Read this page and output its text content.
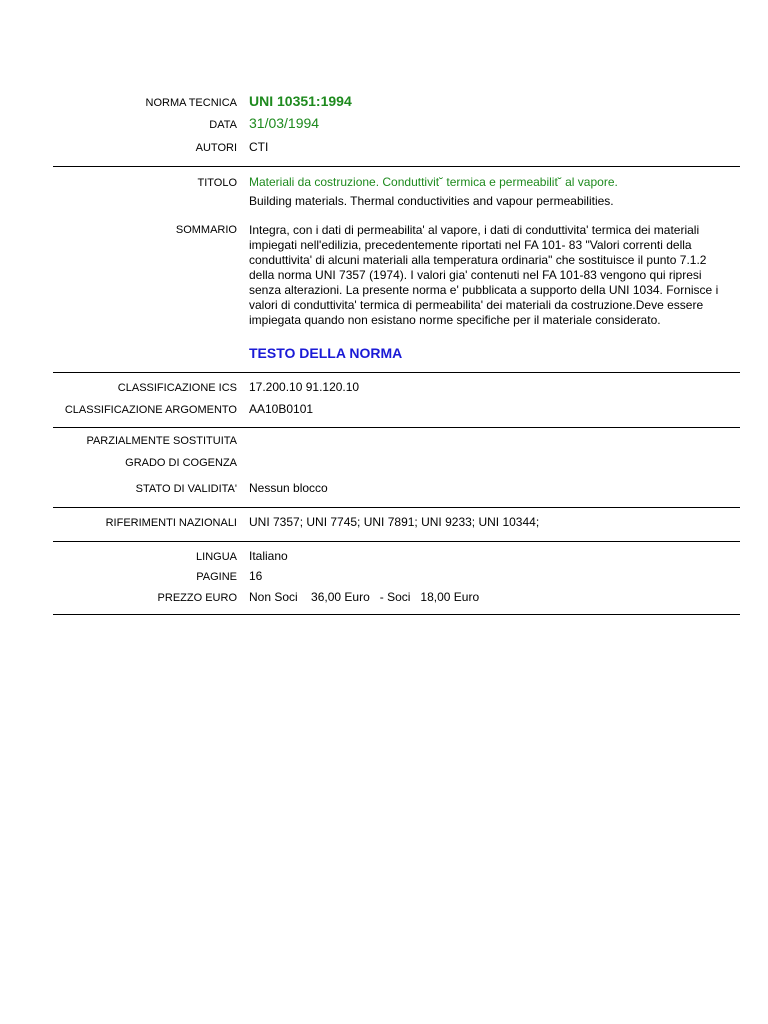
NORMA TECNICA UNI 10351:1994
DATA 31/03/1994
AUTORI CTI
TITOLO Materiali da costruzione. Conduttivit˘ termica e permeabilit˘ al vapore.
Building materials. Thermal conductivities and vapour permeabilities.
SOMMARIO Integra, con i dati di permeabilita' al vapore, i dati di conduttivita' termica dei materiali
impiegati nell'edilizia, precedentemente riportati nel FA 101- 83 "Valori correnti della
conduttivita' di alcuni materiali alla temperatura ordinaria" che sostituisce il punto 7.1.2
della norma UNI 7357 (1974). I valori gia' contenuti nel FA 101-83 vengono qui ripresi
senza alterazioni. La presente norma e' pubblicata a supporto della UNI 1034. Fornisce i
valori di conduttivita' termica di permeabilita' dei materiali da costruzione.Deve essere
impiegata quando non esistano norme specifiche per il materiale considerato.
TESTO DELLA NORMA
CLASSIFICAZIONE ICS 17.200.10 91.120.10
CLASSIFICAZIONE ARGOMENTO AA10B0101
PARZIALMENTE SOSTITUITA
GRADO DI COGENZA
STATO DI VALIDITA' Nessun blocco
RIFERIMENTI NAZIONALI UNI 7357; UNI 7745; UNI 7891; UNI 9233; UNI 10344;
LINGUA Italiano
PAGINE 16
PREZZO EURO Non Soci    36,00 Euro   - Soci   18,00 Euro
